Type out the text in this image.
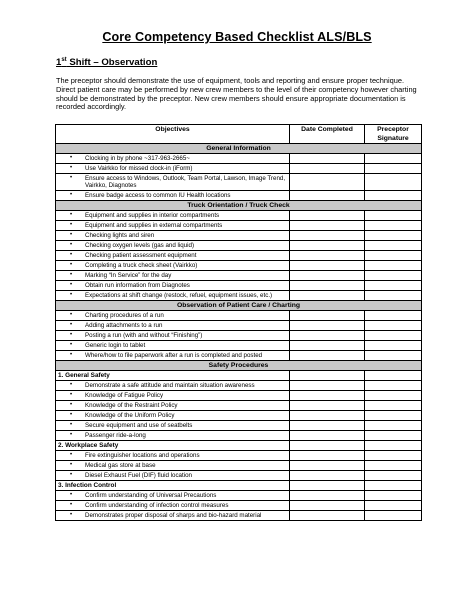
Core Competency Based Checklist ALS/BLS
1st Shift – Observation
The preceptor should demonstrate the use of equipment, tools and reporting and ensure proper technique. Direct patient care may be performed by new crew members to the level of their competency however charting should be demonstrated by the preceptor. New crew members should ensure appropriate documentation is recorded accordingly.
Objectives	Date Completed	Preceptor Signature
General Information		

• Clocking in by phone ~317-963-2665~		

• Use Vairkko for missed clock-in (iForm)		

• Ensure access to Windows, Outlook, Team Portal, Lawson, Image Trend, Vairkko, Diagnotes		

• Ensure badge access to common IU Health locations		

Truck Orientation / Truck Check		

• Equipment and supplies in interior compartments		

• Equipment and supplies in external compartments		

• Checking lights and siren		

• Checking oxygen levels (gas and liquid)		

• Checking patient assessment equipment		

• Completing a truck check sheet (Vairkko)		

• Marking “In Service” for the day		

• Obtain run information from Diagnotes		

• Expectations at shift change (restock, refuel, equipment issues, etc.)		

Observation of Patient Care / Charting		

• Charting procedures of a run		

• Adding attachments to a run		

• Posting a run (with and without “Finishing”)		

• Generic login to tablet		

• Where/how to file paperwork after a run is completed and posted		

Safety Procedures		
1. General Safety		

• Demonstrate a safe attitude and maintain situation awareness		

• Knowledge of Fatigue Policy		

• Knowledge of the Restraint Policy		

• Knowledge of the Uniform Policy		

• Secure equipment and use of seatbelts		

• Passenger ride-a-long		

2. Workplace Safety		

• Fire extinguisher locations and operations		

• Medical gas store at base		

• Diesel Exhaust Fuel (DIF) fluid location		

3. Infection Control		

• Confirm understanding of Universal Precautions		

• Confirm understanding of infection control measures		

• Demonstrates proper disposal of sharps and bio-hazard material		
